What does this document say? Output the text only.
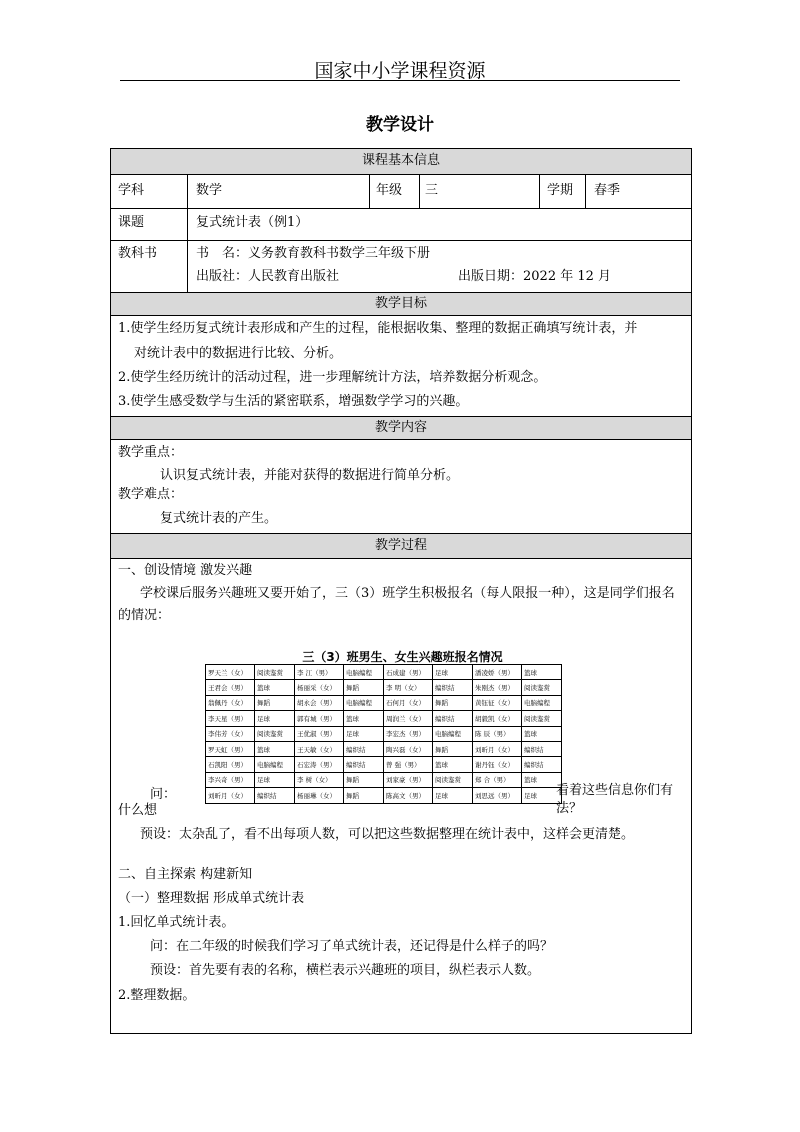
国家中小学课程资源
教学设计
课程基本信息
学科	数学	年级 三	学期 春季
课题	复式统计表（例1）
教科书	书　名：义务教育教科书数学三年级下册
出版社：人民教育出版社	出版日期：2022 年 12 月
教学目标
1.使学生经历复式统计表形成和产生的过程，能根据收集、整理的数据正确填写统计表，并
对统计表中的数据进行比较、分析。
2.使学生经历统计的活动过程，进一步理解统计方法，培养数据分析观念。
3.使学生感受数学与生活的紧密联系，增强数学学习的兴趣。
教学内容
教学重点：
认识复式统计表，并能对获得的数据进行简单分析。
教学难点：
复式统计表的产生。
教学过程
一、创设情境 激发兴趣
学校课后服务兴趣班又要开始了，三（3）班学生积极报名（每人限报一种），这是同学们报名的情况：
三（3）班男生、女生兴趣班报名情况
罗天兰（女）	阅读鉴赏	李 江（男）	电脑编程	石成建（男）	足球	潘凌娇（男）	篮球
王君会（男）	篮球	杨丽采（女）	舞蹈	李 明（女）	编织结	朱刚杰（男）	阅读鉴赏
翁佩丹（女）	舞蹈	胡永会（男）	电脑编程	石何月（女）	舞蹈	黄钰征（女）	电脑编程
李天星（男）	足球	郭有城（男）	篮球	周润兰（女）	编织结	胡毅凯（女）	阅读鉴赏
李伟芳（女）	阅读鉴赏	王优淑（男）	足球	李宏杰（男）	电脑编程	陈 辰（男）	篮球
罗天虹（男）	篮球	王天敏（女）	编织结	陶兴磊（女）	舞蹈	刘昕月（女）	编织结
石凯阳（男）	电脑编程	石宏涛（男）	编织结	曾 强（男）	篮球	谢丹钰（女）	编织结
李兴奇（男）	足球	李 树（女）	舞蹈	刘家豪（男）	阅读鉴赏	郑 合（男）	篮球
刘昕月（女）	编织结	杨丽琳（女）	舞蹈	陈高文（男）	足球	刘思远（男）	足球
问：
什么想
看着这些信息你们有法？
预设：太杂乱了，看不出每项人数，可以把这些数据整理在统计表中，这样会更清楚。
二、自主探索 构建新知
（一）整理数据 形成单式统计表
1.回忆单式统计表。
问：在二年级的时候我们学习了单式统计表，还记得是什么样子的吗？
预设：首先要有表的名称，横栏表示兴趣班的项目，纵栏表示人数。
2.整理数据。
